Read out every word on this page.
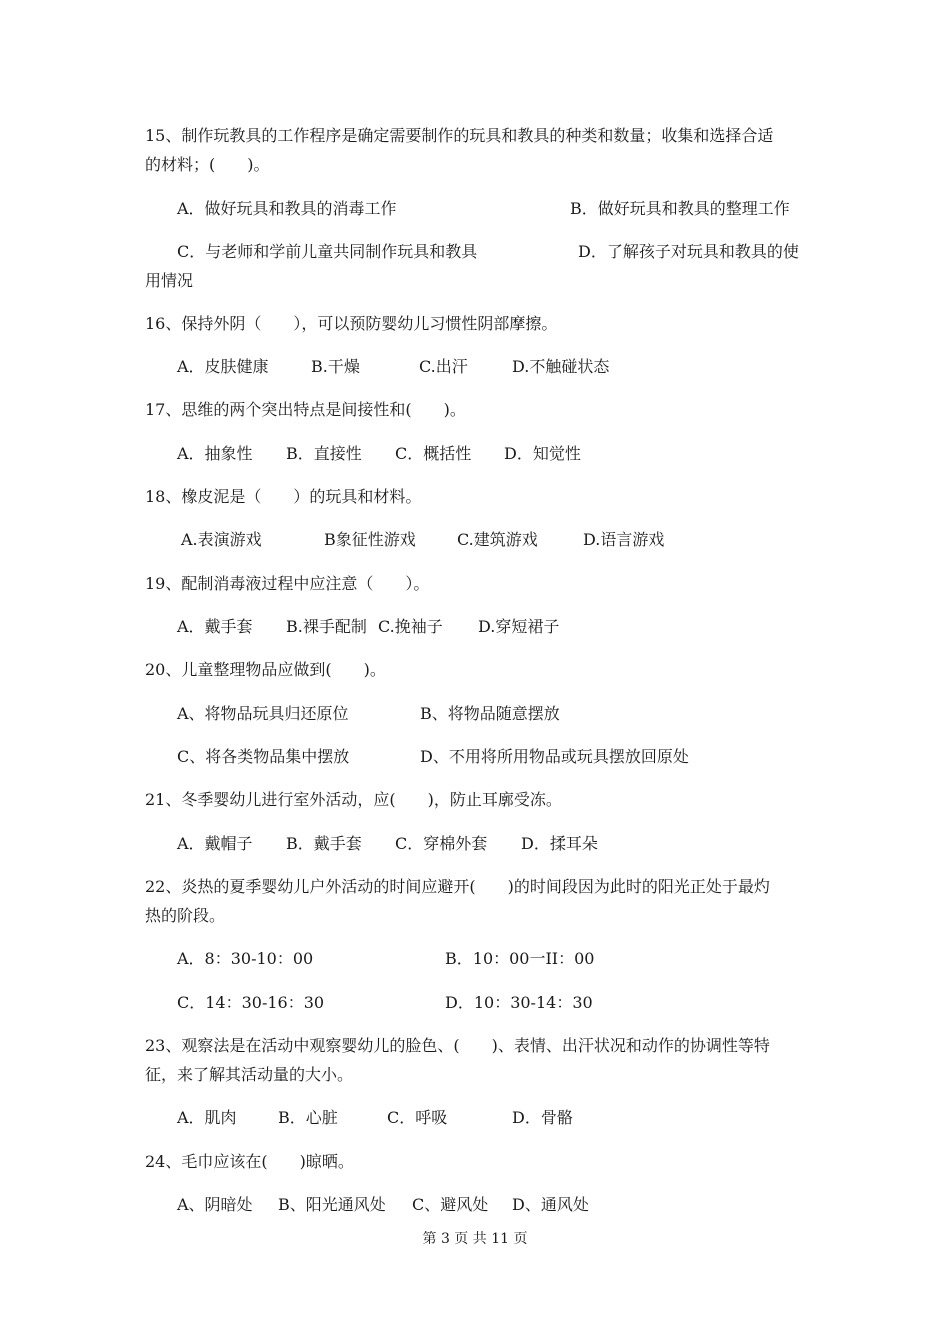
15、制作玩教具的工作程序是确定需要制作的玩具和教具的种类和数量；收集和选择合适
的材料；(　　)。
A．做好玩具和教具的消毒工作	B．做好玩具和教具的整理工作
C．与老师和学前儿童共同制作玩具和教具	D．了解孩子对玩具和教具的使
用情况
16、保持外阴（　　），可以预防婴幼儿习惯性阴部摩擦。
A．皮肤健康	B.干燥	C.出汗	D.不触碰状态
17、思维的两个突出特点是间接性和(　　)。
A．抽象性 B．直接性 C．概括性 D．知觉性
18、橡皮泥是（　　）的玩具和材料。
A.表演游戏	B象征性游戏	C.建筑游戏	D.语言游戏
19、配制消毒液过程中应注意（　　）。
A．戴手套 B.裸手配制 C.挽袖子 D.穿短裙子
20、儿童整理物品应做到(　　)。
A、将物品玩具归还原位	B、将物品随意摆放
C、将各类物品集中摆放	D、不用将所用物品或玩具摆放回原处
21、冬季婴幼儿进行室外活动，应(　　)，防止耳廓受冻。
A．戴帽子 B．戴手套 C．穿棉外套 D．揉耳朵
22、炎热的夏季婴幼儿户外活动的时间应避开(　　)的时间段因为此时的阳光正处于最灼
热的阶段。
A．8：30-10：00	B．10：00一II：00
C．14：30-16：30	D．10：30-14：30
23、观察法是在活动中观察婴幼儿的脸色、(　　)、表情、出汗状况和动作的协调性等特
征，来了解其活动量的大小。
A．肌肉	B．心脏	C．呼吸	D．骨骼
24、毛巾应该在(　　)晾晒。
A、阴暗处 B、阳光通风处 C、避风处 D、通风处
第 3 页 共 11 页
